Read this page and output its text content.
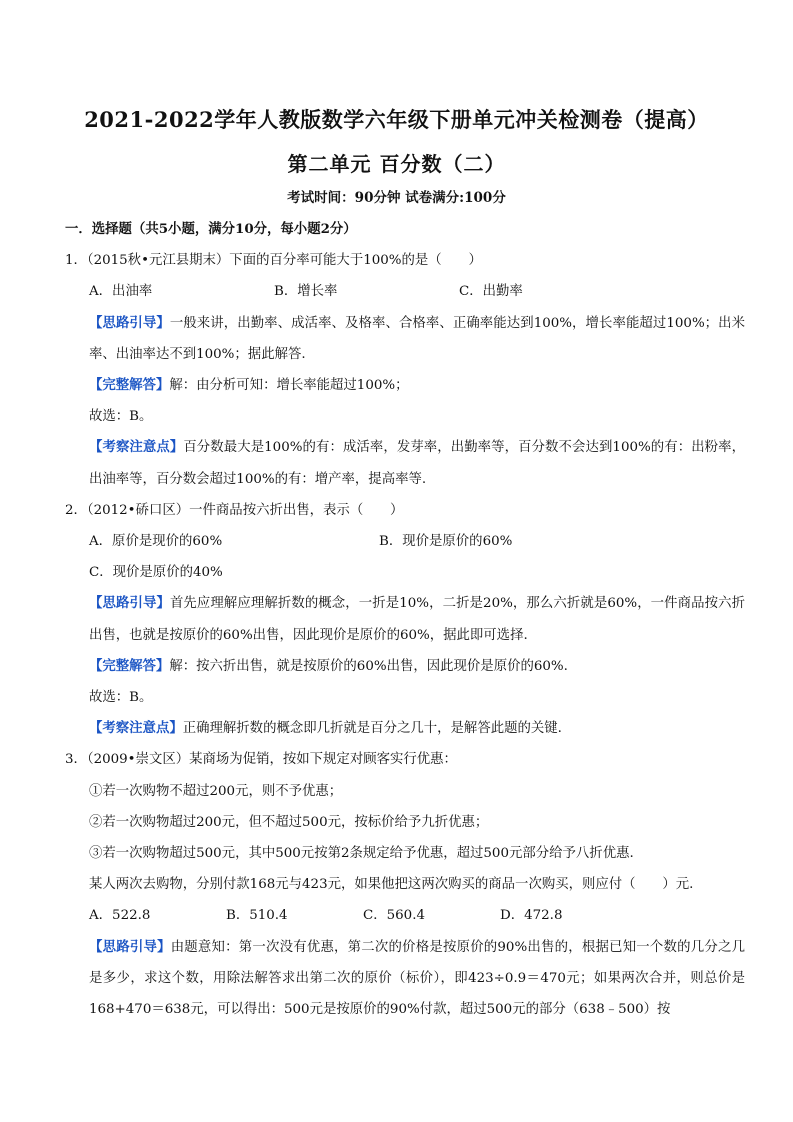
2021-2022学年人教版数学六年级下册单元冲关检测卷（提高）
第二单元 百分数（二）
考试时间：90分钟 试卷满分:100分
一．选择题（共5小题，满分10分，每小题2分）
1．（2015秋•元江县期末）下面的百分率可能大于100%的是（　　）
A．出油率	B．增长率	C．出勤率
【思路引导】一般来讲，出勤率、成活率、及格率、合格率、正确率能达到100%，增长率能超过100%；出米率、出油率达不到100%；据此解答.
【完整解答】解：由分析可知：增长率能超过100%；
故选：B。
【考察注意点】百分数最大是100%的有：成活率，发芽率，出勤率等，百分数不会达到100%的有：出粉率，出油率等，百分数会超过100%的有：增产率，提高率等.
2．（2012•硚口区）一件商品按六折出售，表示（　　）
A．原价是现价的60%	B．现价是原价的60%
C．现价是原价的40%
【思路引导】首先应理解应理解折数的概念，一折是10%，二折是20%，那么六折就是60%，一件商品按六折出售，也就是按原价的60%出售，因此现价是原价的60%，据此即可选择.
【完整解答】解：按六折出售，就是按原价的60%出售，因此现价是原价的60%.
故选：B。
【考察注意点】正确理解折数的概念即几折就是百分之几十，是解答此题的关键.
3．（2009•崇文区）某商场为促销，按如下规定对顾客实行优惠：
①若一次购物不超过200元，则不予优惠；
②若一次购物超过200元，但不超过500元，按标价给予九折优惠；
③若一次购物超过500元，其中500元按第2条规定给予优惠，超过500元部分给予八折优惠.
某人两次去购物，分别付款168元与423元，如果他把这两次购买的商品一次购买，则应付（　　）元.
A．522.8	B．510.4	C．560.4	D．472.8
【思路引导】由题意知：第一次没有优惠，第二次的价格是按原价的90%出售的，根据已知一个数的几分之几是多少，求这个数，用除法解答求出第二次的原价（标价），即423÷0.9＝470元；如果两次合并，则总价是168+470＝638元，可以得出：500元是按原价的90%付款，超过500元的部分（638﹣500）按
